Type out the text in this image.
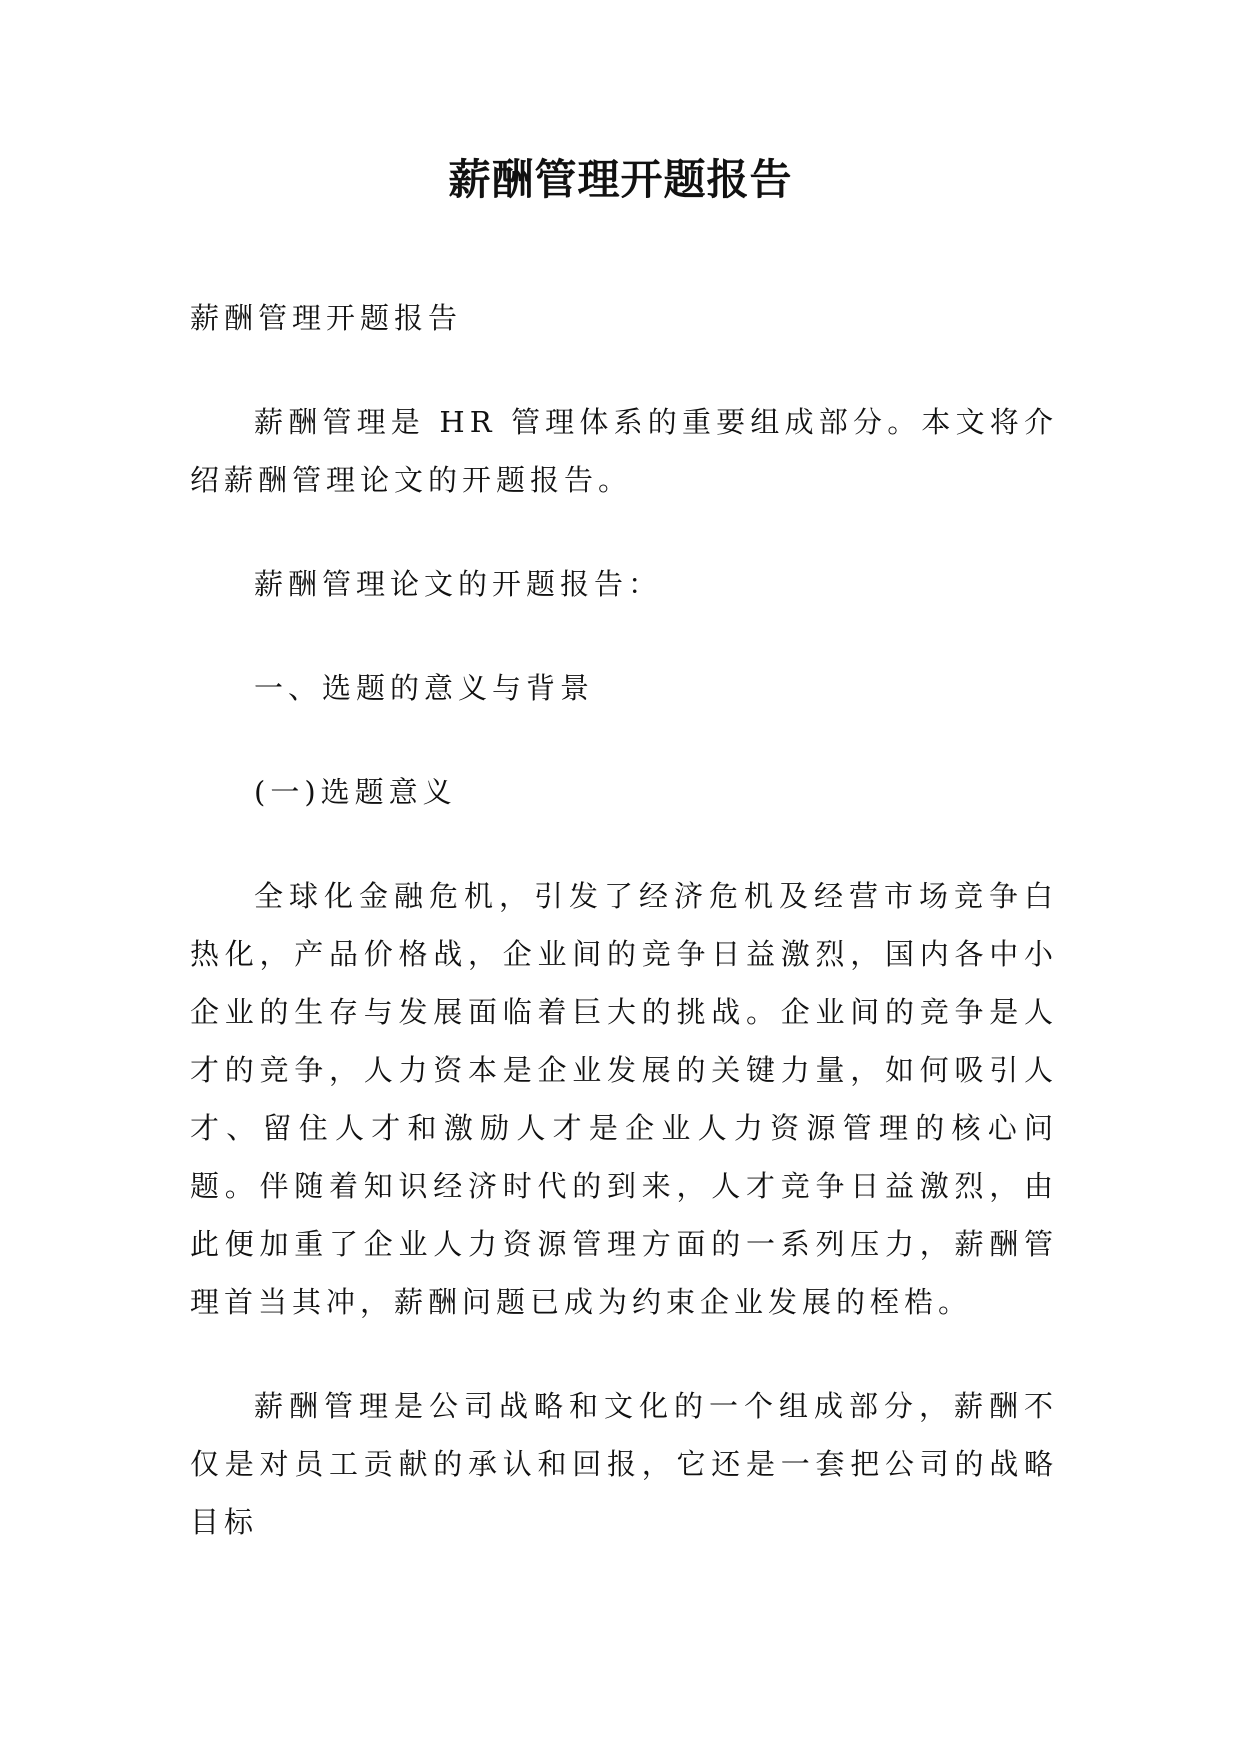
薪酬管理开题报告

薪酬管理开题报告

薪酬管理是 HR 管理体系的重要组成部分。本文将介绍薪酬管理论文的开题报告。

薪酬管理论文的开题报告：

一、选题的意义与背景

(一)选题意义

全球化金融危机，引发了经济危机及经营市场竞争白热化，产品价格战，企业间的竞争日益激烈，国内各中小企业的生存与发展面临着巨大的挑战。企业间的竞争是人才的竞争，人力资本是企业发展的关键力量，如何吸引人才、留住人才和激励人才是企业人力资源管理的核心问题。伴随着知识经济时代的到来，人才竞争日益激烈，由此便加重了企业人力资源管理方面的一系列压力，薪酬管理首当其冲，薪酬问题已成为约束企业发展的桎梏。

薪酬管理是公司战略和文化的一个组成部分，薪酬不仅是对员工贡献的承认和回报，它还是一套把公司的战略目标
